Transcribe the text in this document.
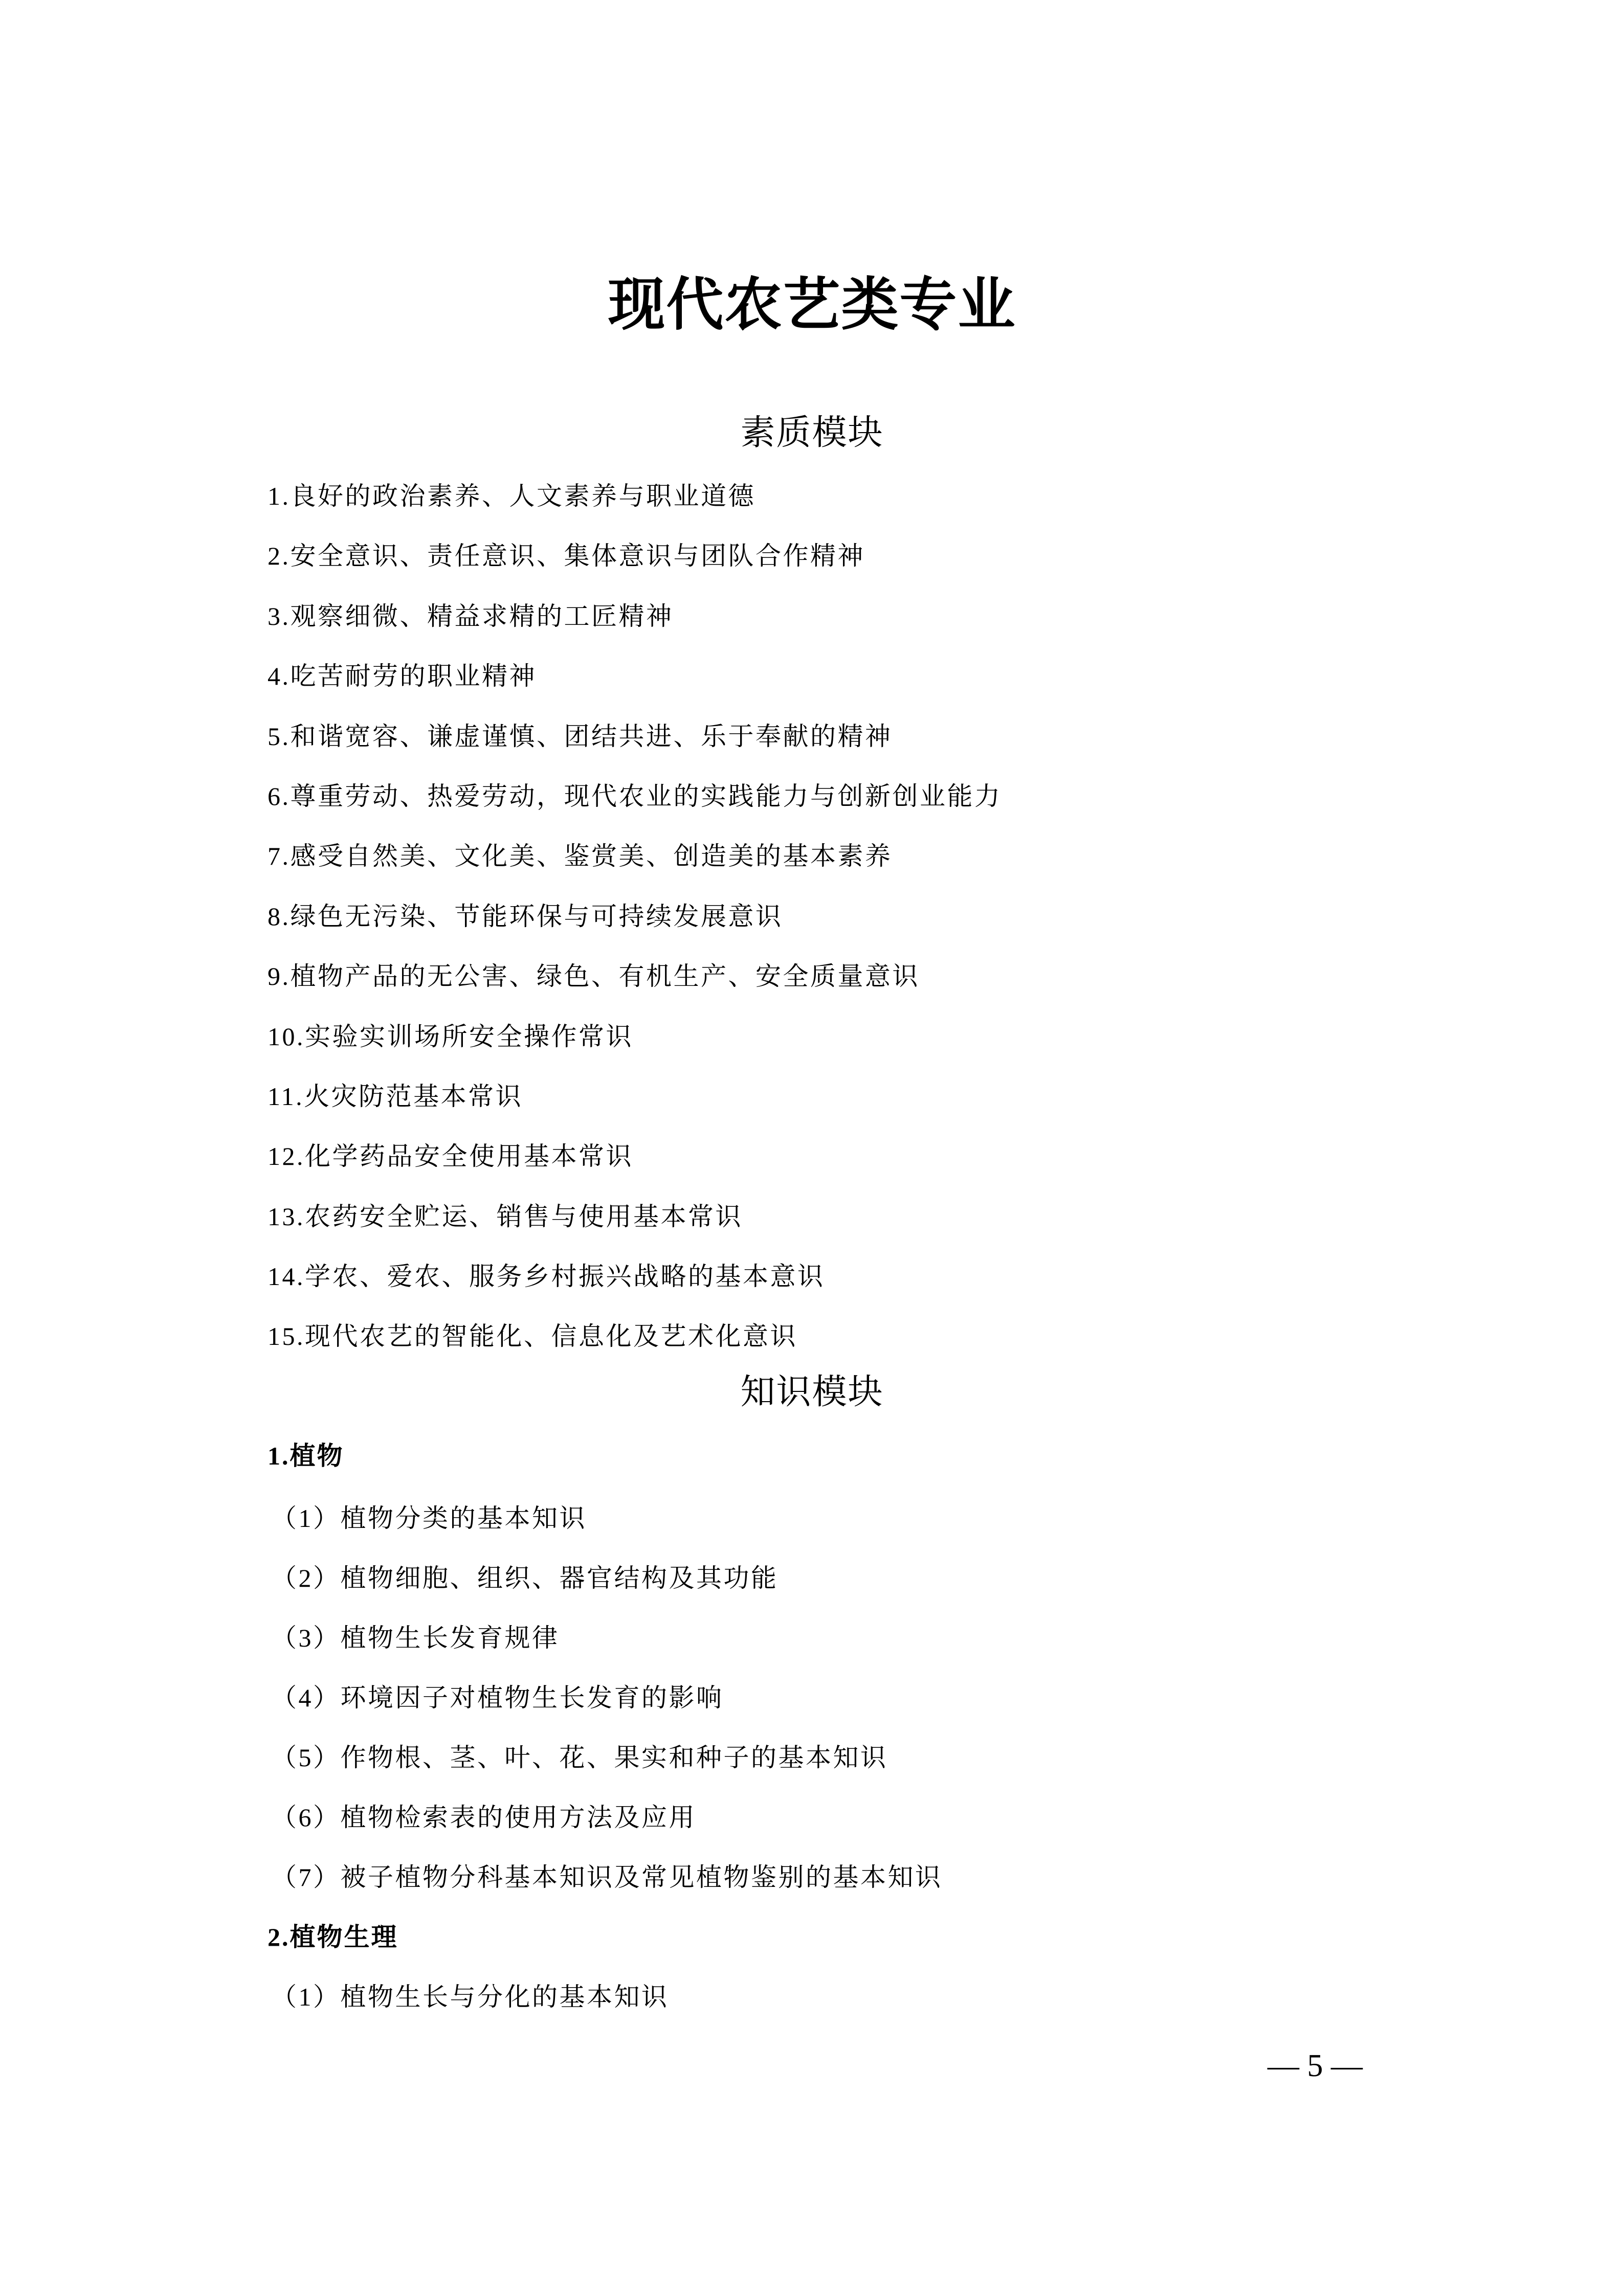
现代农艺类专业
素质模块
1.良好的政治素养、人文素养与职业道德
2.安全意识、责任意识、集体意识与团队合作精神
3.观察细微、精益求精的工匠精神
4.吃苦耐劳的职业精神
5.和谐宽容、谦虚谨慎、团结共进、乐于奉献的精神
6.尊重劳动、热爱劳动，现代农业的实践能力与创新创业能力
7.感受自然美、文化美、鉴赏美、创造美的基本素养
8.绿色无污染、节能环保与可持续发展意识
9.植物产品的无公害、绿色、有机生产、安全质量意识
10.实验实训场所安全操作常识
11.火灾防范基本常识
12.化学药品安全使用基本常识
13.农药安全贮运、销售与使用基本常识
14.学农、爱农、服务乡村振兴战略的基本意识
15.现代农艺的智能化、信息化及艺术化意识
知识模块
1.植物
（1）植物分类的基本知识
（2）植物细胞、组织、器官结构及其功能
（3）植物生长发育规律
（4）环境因子对植物生长发育的影响
（5）作物根、茎、叶、花、果实和种子的基本知识
（6）植物检索表的使用方法及应用
（7）被子植物分科基本知识及常见植物鉴别的基本知识
2.植物生理
（1）植物生长与分化的基本知识
— 5 —
